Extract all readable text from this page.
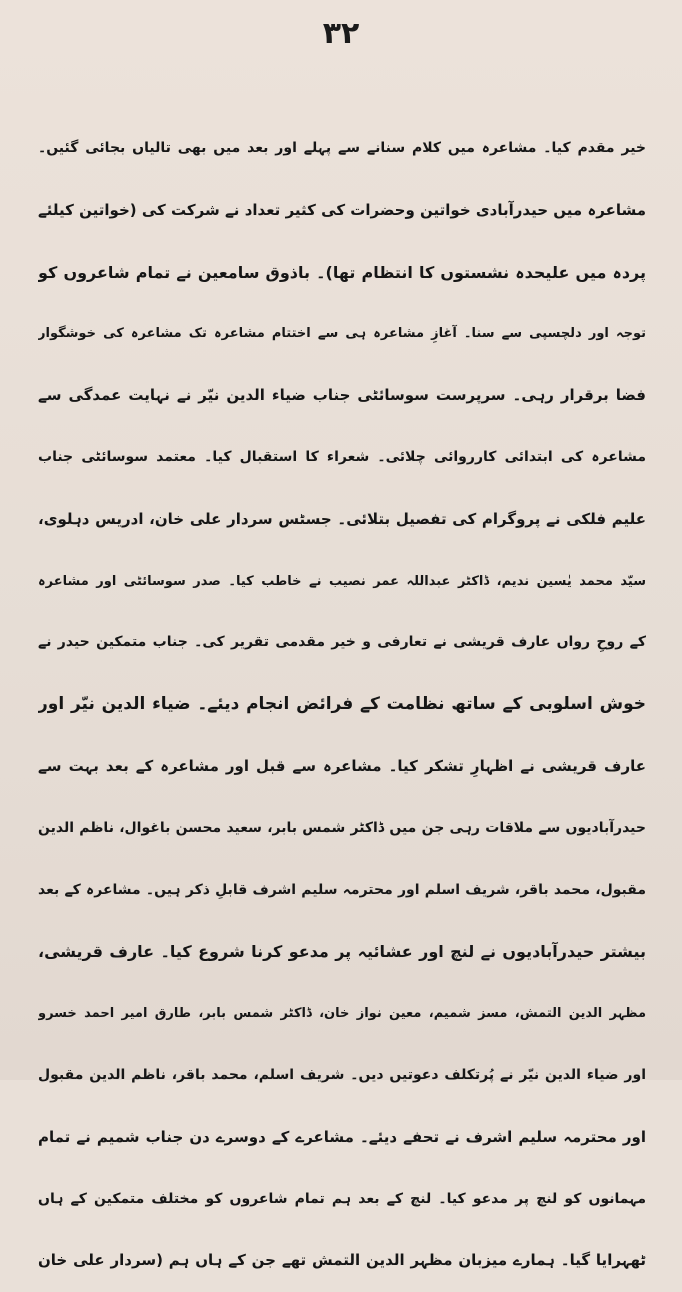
۳۲
خیر مقدم کیا۔ مشاعرہ میں کلام سنانے سے پہلے اور بعد میں بھی تالیاں بجائی گئیں۔
مشاعرہ میں حیدرآبادی خواتین وحضرات کی کثیر تعداد نے شرکت کی (خواتین کیلئے
پردہ میں علیحدہ نشستوں کا انتظام تھا)۔ باذوق سامعین نے تمام شاعروں کو
توجہ اور دلچسپی سے سنا۔ آغازِ مشاعرہ ہی سے اختتام مشاعرہ تک مشاعرہ کی خوشگوار
فضا برقرار رہی۔ سرپرست سوسائٹی جناب ضیاء الدین نیّر نے نہایت عمدگی سے
مشاعرہ کی ابتدائی کارروائی چلائی۔ شعراء کا استقبال کیا۔ معتمد سوسائٹی جناب
علیم فلکی نے پروگرام کی تفصیل بتلائی۔ جسٹس سردار علی خان، ادریس دہلوی،
سیّد محمد یٰسین ندیم، ڈاکٹر عبداللہ عمر نصیب نے خاطب کیا۔ صدر سوسائٹی اور مشاعرہ
کے روحِ رواں عارف قریشی نے تعارفی و خیر مقدمی تقریر کی۔ جناب متمکین حیدر نے
خوش اسلوبی کے ساتھ نظامت کے فرائض انجام دیئے۔ ضیاء الدین نیّر اور
عارف قریشی نے اظہارِ تشکر کیا۔ مشاعرہ سے قبل اور مشاعرہ کے بعد بہت سے
حیدرآبادیوں سے ملاقات رہی جن میں ڈاکٹر شمس بابر، سعید محسن باغوال، ناظم الدین
مقبول، محمد باقر، شریف اسلم اور محترمہ سلیم اشرف قابلِ ذکر ہیں۔ مشاعرہ کے بعد
بیشتر حیدرآبادیوں نے لنچ اور عشائیہ پر مدعو کرنا شروع کیا۔ عارف قریشی،
مظہر الدین التمش، مسز شمیم، معین نواز خان، ڈاکٹر شمس بابر، طارق امیر احمد خسرو
اور ضیاء الدین نیّر نے پُرتکلف دعوتیں دیں۔ شریف اسلم، محمد باقر، ناظم الدین مقبول
اور محترمہ سلیم اشرف نے تحفے دیئے۔ مشاعرے کے دوسرے دن جناب شمیم نے تمام
مہمانوں کو لنچ پر مدعو کیا۔ لنچ کے بعد ہم تمام شاعروں کو مختلف متمکین کے ہاں
ٹھہرایا گیا۔ ہمارے میزبان مظہر الدین التمش تھے جن کے ہاں ہم (سردار علی خان
